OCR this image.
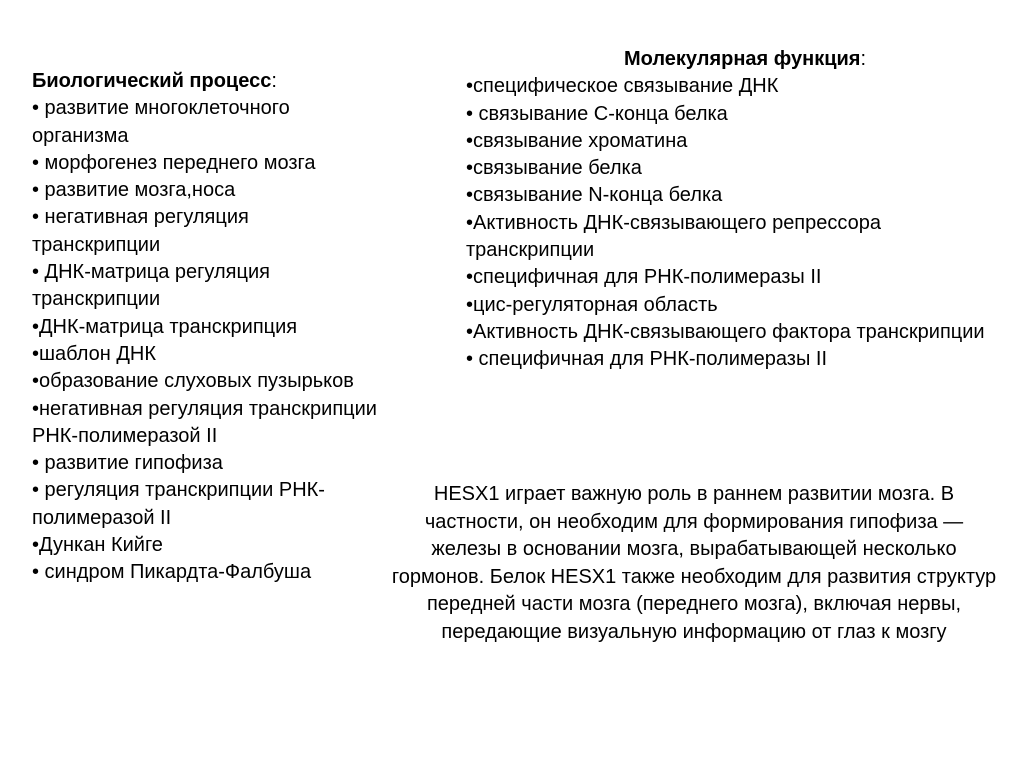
Биологический процесс:
• развитие многоклеточного организма
• морфогенез переднего мозга
• развитие мозга,носа
• негативная регуляция транскрипции
• ДНК-матрица регуляция транскрипции
•ДНК-матрица транскрипция
•шаблон ДНК
•образование слуховых пузырьков
•негативная регуляция транскрипции РНК-полимеразой II
• развитие гипофиза
• регуляция транскрипции РНК-полимеразой II
•Дункан Кийге
• синдром Пикардта-Фалбуша
Молекулярная функция:
•специфическое связывание ДНК
• связывание С-конца белка
•связывание хроматина
•связывание белка
•связывание N-конца белка
•Активность ДНК-связывающего репрессора транскрипции
•специфичная для РНК-полимеразы II
•цис-регуляторная область
•Активность ДНК-связывающего фактора транскрипции
• специфичная для РНК-полимеразы II
HESX1 играет важную роль в раннем развитии мозга. В частности, он необходим для формирования гипофиза — железы в основании мозга, вырабатывающей несколько гормонов. Белок HESX1 также необходим для развития структур передней части мозга (переднего мозга), включая нервы, передающие визуальную информацию от глаз к мозгу
